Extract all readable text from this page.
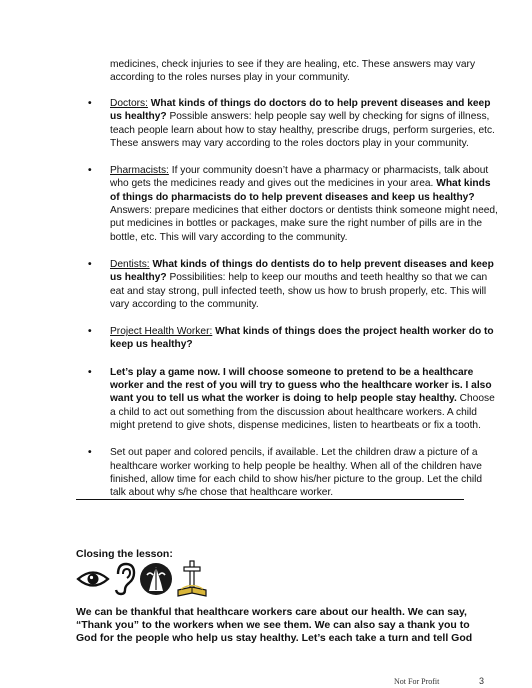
medicines, check injuries to see if they are healing, etc. These answers may vary according to the roles nurses play in your community.
• Doctors: What kinds of things do doctors do to help prevent diseases and keep us healthy? Possible answers: help people say well by checking for signs of illness, teach people learn about how to stay healthy, prescribe drugs, perform surgeries, etc. These answers may vary according to the roles doctors play in your community.
• Pharmacists: If your community doesn’t have a pharmacy or pharmacists, talk about who gets the medicines ready and gives out the medicines in your area. What kinds of things do pharmacists do to help prevent diseases and keep us healthy? Answers: prepare medicines that either doctors or dentists think someone might need, put medicines in bottles or packages, make sure the right number of pills are in the bottle, etc. This will vary according to the community.
• Dentists: What kinds of things do dentists do to help prevent diseases and keep us healthy? Possibilities: help to keep our mouths and teeth healthy so that we can eat and stay strong, pull infected teeth, show us how to brush properly, etc. This will vary according to the community.
• Project Health Worker: What kinds of things does the project health worker do to keep us healthy?
• Let’s play a game now. I will choose someone to pretend to be a healthcare worker and the rest of you will try to guess who the healthcare worker is. I also want you to tell us what the worker is doing to help people stay healthy. Choose a child to act out something from the discussion about healthcare workers. A child might pretend to give shots, dispense medicines, listen to heartbeats or fix a tooth.
• Set out paper and colored pencils, if available. Let the children draw a picture of a healthcare worker working to help people be healthy. When all of the children have finished, allow time for each child to show his/her picture to the group. Let the child talk about why s/he chose that healthcare worker.
Closing the lesson:
We can be thankful that healthcare workers care about our health. We can say, “Thank you” to the workers when we see them. We can also say a thank you to God for the people who help us stay healthy. Let’s each take a turn and tell God
Not For Profit	3
